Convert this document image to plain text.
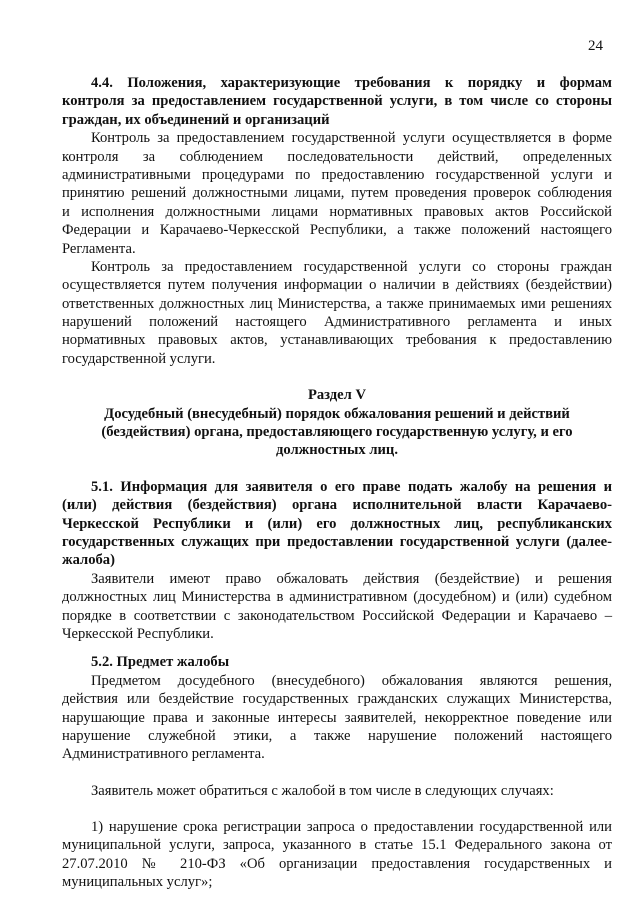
24
4.4. Положения, характеризующие требования к порядку и формам
контроля за предоставлением государственной услуги, в том числе со стороны
граждан, их объединений и организаций
Контроль за предоставлением государственной услуги осуществляется в форме
контроля за соблюдением последовательности действий, определенных
административными процедурами по предоставлению государственной услуги и
принятию решений должностными лицами, путем проведения проверок соблюдения
и исполнения должностными лицами нормативных правовых актов Российской
Федерации и Карачаево-Черкесской Республики, а также положений настоящего
Регламента.
Контроль за предоставлением государственной услуги со стороны граждан
осуществляется путем получения информации о наличии в действиях (бездействии)
ответственных должностных лиц Министерства, а также принимаемых ими решениях
нарушений положений настоящего Административного регламента и иных
нормативных правовых актов, устанавливающих требования к предоставлению
государственной услуги.
Раздел V
Досудебный (внесудебный) порядок обжалования решений и действий
(бездействия) органа, предоставляющего государственную услугу, и его
должностных лиц.
5.1. Информация для заявителя о его праве подать жалобу на решения и
(или) действия (бездействия) органа исполнительной власти Карачаево-
Черкесской Республики и (или) его должностных лиц, республиканских
государственных служащих при предоставлении государственной услуги (далее-
жалоба)
Заявители имеют право обжаловать действия (бездействие) и решения
должностных лиц Министерства в административном (досудебном) и (или) судебном
порядке в соответствии с законодательством Российской Федерации и Карачаево –
Черкесской Республики.
5.2. Предмет жалобы
Предметом досудебного (внесудебного) обжалования являются решения,
действия или бездействие государственных гражданских служащих Министерства,
нарушающие права и законные интересы заявителей, некорректное поведение или
нарушение служебной этики, а также нарушение положений настоящего
Административного регламента.
Заявитель может обратиться с жалобой в том числе в следующих случаях:
1) нарушение срока регистрации запроса о предоставлении государственной или
муниципальной услуги, запроса, указанного в статье 15.1 Федерального закона от
27.07.2010 № 210-ФЗ «Об организации предоставления государственных и
муниципальных услуг»;
